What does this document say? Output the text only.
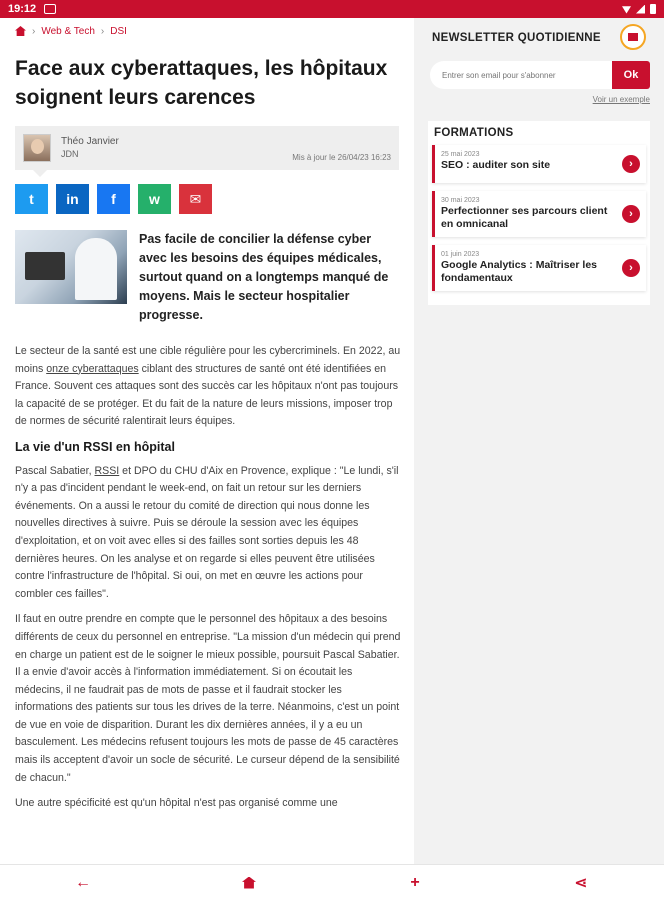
19:12
› Web & Tech › DSI
Face aux cyberattaques, les hôpitaux soignent leurs carences
Théo Janvier
JDN	Mis à jour le 26/04/23 16:23
t in f w ✉
Pas facile de concilier la défense cyber avec les besoins des équipes médicales, surtout quand on a longtemps manqué de moyens. Mais le secteur hospitalier progresse.

Le secteur de la santé est une cible régulière pour les cybercriminels. En 2022, au moins onze cyberattaques ciblant des structures de santé ont été identifiées en France. Souvent ces attaques sont des succès car les hôpitaux n'ont pas toujours la capacité de se protéger. Et du fait de la nature de leurs missions, imposer trop de normes de sécurité ralentirait leurs équipes.

La vie d'un RSSI en hôpital

Pascal Sabatier, RSSI et DPO du CHU d'Aix en Provence, explique : "Le lundi, s'il n'y a pas d'incident pendant le week-end, on fait un retour sur les derniers événements. On a aussi le retour du comité de direction qui nous donne les nouvelles directives à suivre. Puis se déroule la session avec les équipes d'exploitation, et on voit avec elles si des failles sont sorties depuis les 48 dernières heures. On les analyse et on regarde si elles peuvent être utilisées contre l'infrastructure de l'hôpital. Si oui, on met en œuvre les actions pour combler ces failles".

Il faut en outre prendre en compte que le personnel des hôpitaux a des besoins différents de ceux du personnel en entreprise. "La mission d'un médecin qui prend en charge un patient est de le soigner le mieux possible, poursuit Pascal Sabatier. Il a envie d'avoir accès à l'information immédiatement. Si on écoutait les médecins, il ne faudrait pas de mots de passe et il faudrait stocker les informations des patients sur tous les drives de la terre. Néanmoins, c'est un point de vue en voie de disparition. Durant les dix dernières années, il y a eu un basculement. Les médecins refusent toujours les mots de passe de 45 caractères mais ils acceptent d'avoir un socle de sécurité. Le curseur dépend de la sensibilité de chacun."

Une autre spécificité est qu'un hôpital n'est pas organisé comme une

NEWSLETTER QUOTIDIENNE
Entrer son email pour s'abonner
Ok
Voir un exemple
FORMATIONS
25 mai 2023
SEO : auditer son site	›
30 mai 2023
Perfectionner ses parcours client en omnicanal
›
01 juin 2023
Google Analytics : Maîtriser les fondamentaux
›
←	+	⋖
